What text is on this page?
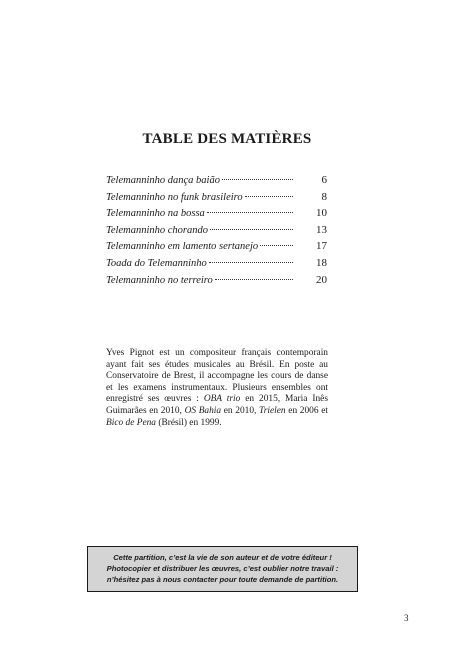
TABLE DES MATIÈRES
Telemanninho dança baião	6
Telemanninho no funk brasileiro	8
Telemanninho na bossa	10
Telemanninho chorando	13
Telemanninho em lamento sertanejo	17
Toada do Telemanninho	18
Telemanninho no terreiro	20

Yves Pignot est un compositeur français contemporain ayant fait ses études musicales au Brésil. En poste au Conservatoire de Brest, il accompagne les cours de danse et les examens instrumentaux. Plusieurs ensembles ont enregistré ses œuvres : OBA trio en 2015, Maria Inês Guimarães en 2010, OS Bahia en 2010, Trielen en 2006 et Bico de Pena (Brésil) en 1999.

Cette partition, c’est la vie de son auteur et de votre éditeur !
Photocopier et distribuer les œuvres, c’est oublier notre travail :
n’hésitez pas à nous contacter pour toute demande de partition.
3
